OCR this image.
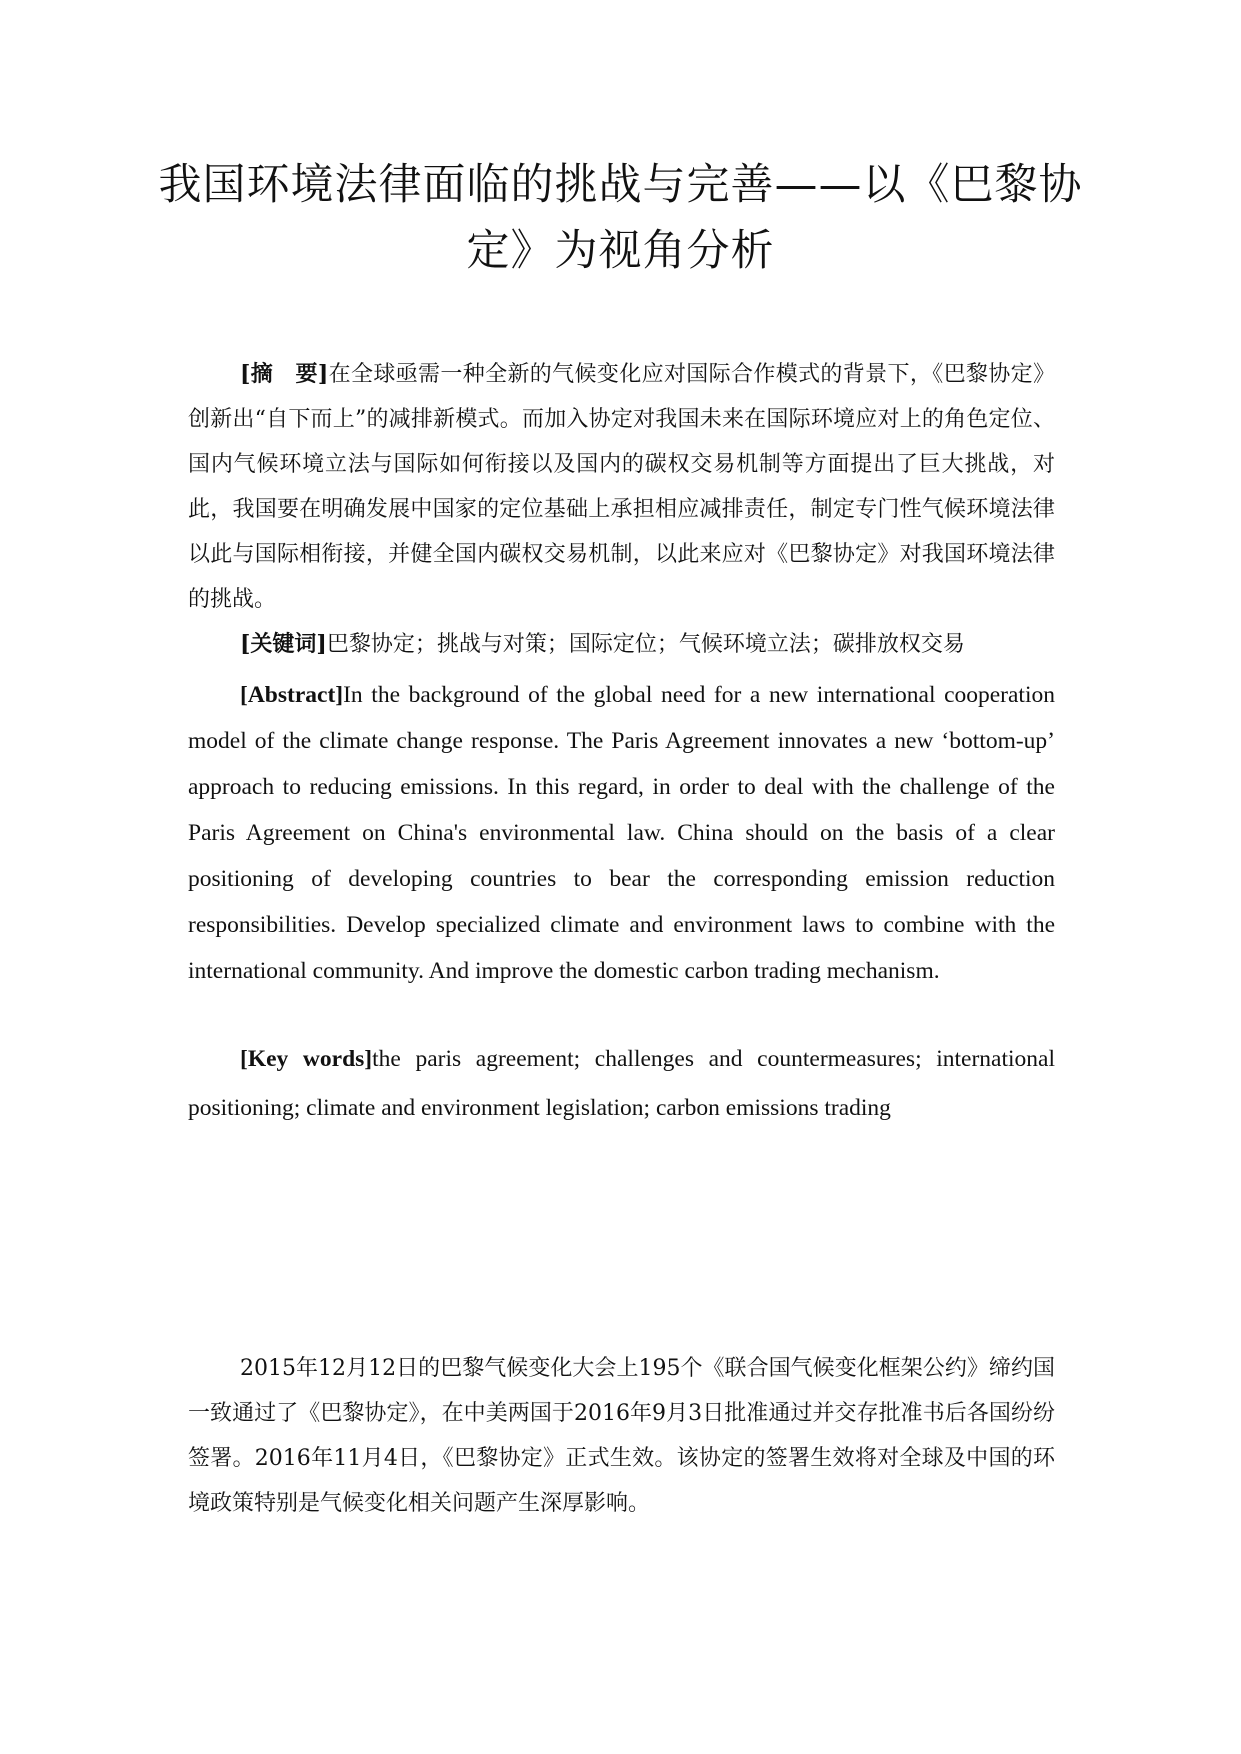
我国环境法律面临的挑战与完善——以《巴黎协定》为视角分析

[摘　要]在全球亟需一种全新的气候变化应对国际合作模式的背景下，《巴黎协定》创新出“自下而上”的减排新模式。而加入协定对我国未来在国际环境应对上的角色定位、国内气候环境立法与国际如何衔接以及国内的碳权交易机制等方面提出了巨大挑战，对此，我国要在明确发展中国家的定位基础上承担相应减排责任，制定专门性气候环境法律以此与国际相衔接，并健全国内碳权交易机制，以此来应对《巴黎协定》对我国环境法律的挑战。

[关键词]巴黎协定；挑战与对策；国际定位；气候环境立法；碳排放权交易

[Abstract]In the background of the global need for a new international cooperation model of the climate change response. The Paris Agreement innovates a new ‘bottom-up’ approach to reducing emissions. In this regard, in order to deal with the challenge of the Paris Agreement on China's environmental law. China should on the basis of a clear positioning of developing countries to bear the corresponding emission reduction responsibilities. Develop specialized climate and environment laws to combine with the international community. And improve the domestic carbon trading mechanism.

[Key words]the paris agreement; challenges and countermeasures; international positioning; climate and environment legislation; carbon emissions trading

2015年12月12日的巴黎气候变化大会上195个《联合国气候变化框架公约》缔约国一致通过了《巴黎协定》，在中美两国于2016年9月3日批准通过并交存批准书后各国纷纷签署。2016年11月4日，《巴黎协定》正式生效。该协定的签署生效将对全球及中国的环境政策特别是气候变化相关问题产生深厚影响。
